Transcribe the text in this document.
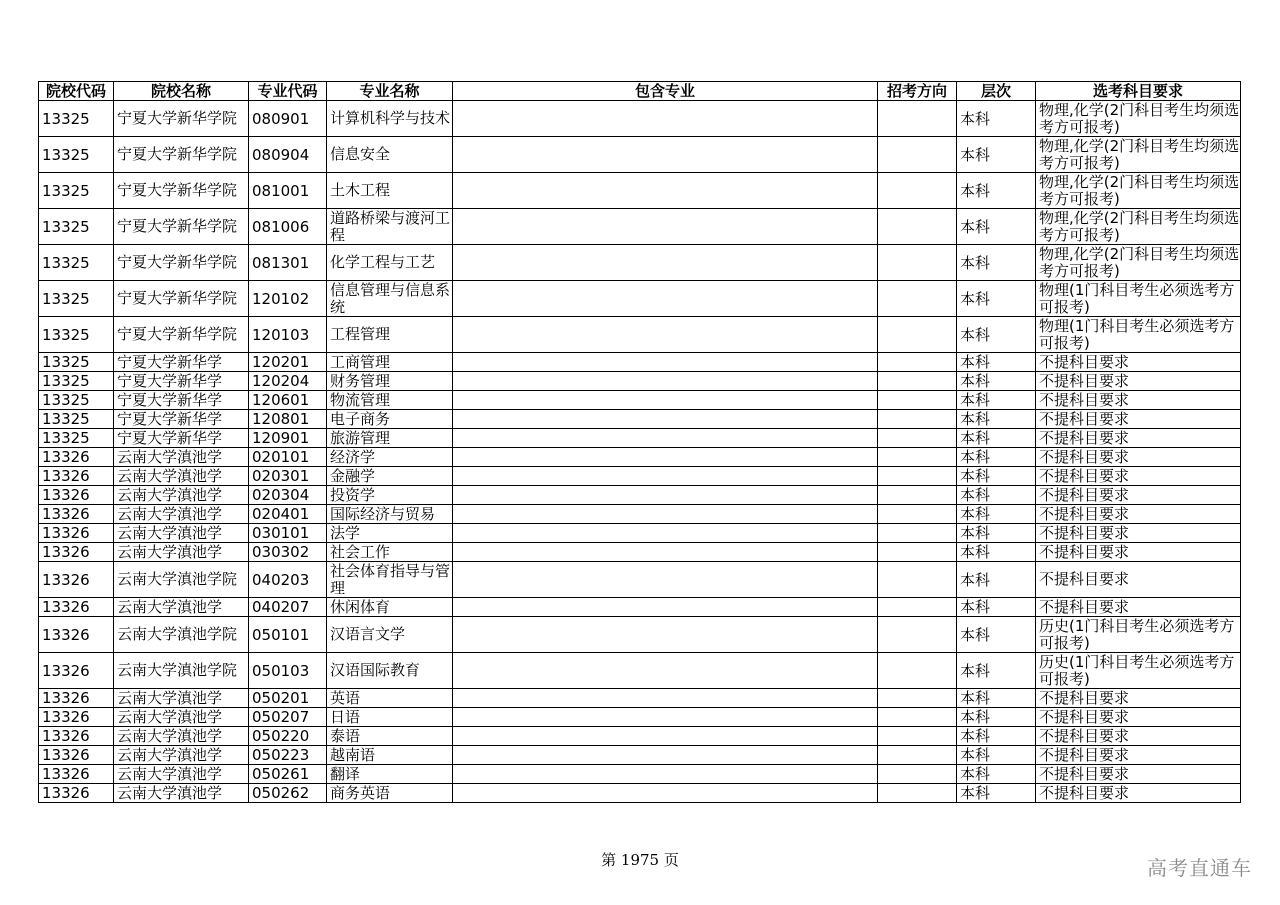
院校代码	院校名称	专业代码	专业名称	包含专业	招考方向	层次	选考科目要求
13325	宁夏大学新华学院	080901	计算机科学与技术			本科	物理,化学(2门科目考生均须选考方可报考)
13325	宁夏大学新华学院	080904	信息安全			本科	物理,化学(2门科目考生均须选考方可报考)
13325	宁夏大学新华学院	081001	土木工程			本科	物理,化学(2门科目考生均须选考方可报考)
13325	宁夏大学新华学院	081006	道路桥梁与渡河工程			本科	物理,化学(2门科目考生均须选考方可报考)
13325	宁夏大学新华学院	081301	化学工程与工艺			本科	物理,化学(2门科目考生均须选考方可报考)
13325	宁夏大学新华学院	120102	信息管理与信息系统			本科	物理(1门科目考生必须选考方可报考)
13325	宁夏大学新华学院	120103	工程管理			本科	物理(1门科目考生必须选考方可报考)
13325	宁夏大学新华学	120201	工商管理			本科	不提科目要求
13325	宁夏大学新华学	120204	财务管理			本科	不提科目要求
13325	宁夏大学新华学	120601	物流管理			本科	不提科目要求
13325	宁夏大学新华学	120801	电子商务			本科	不提科目要求
13325	宁夏大学新华学	120901	旅游管理			本科	不提科目要求
13326	云南大学滇池学	020101	经济学			本科	不提科目要求
13326	云南大学滇池学	020301	金融学			本科	不提科目要求
13326	云南大学滇池学	020304	投资学			本科	不提科目要求
13326	云南大学滇池学	020401	国际经济与贸易			本科	不提科目要求
13326	云南大学滇池学	030101	法学			本科	不提科目要求
13326	云南大学滇池学	030302	社会工作			本科	不提科目要求
13326	云南大学滇池学院	040203	社会体育指导与管理			本科	不提科目要求
13326	云南大学滇池学	040207	休闲体育			本科	不提科目要求
13326	云南大学滇池学院	050101	汉语言文学			本科	历史(1门科目考生必须选考方可报考)
13326	云南大学滇池学院	050103	汉语国际教育			本科	历史(1门科目考生必须选考方可报考)
13326	云南大学滇池学	050201	英语			本科	不提科目要求
13326	云南大学滇池学	050207	日语			本科	不提科目要求
13326	云南大学滇池学	050220	泰语			本科	不提科目要求
13326	云南大学滇池学	050223	越南语			本科	不提科目要求
13326	云南大学滇池学	050261	翻译			本科	不提科目要求
13326	云南大学滇池学	050262	商务英语			本科	不提科目要求
第 1975 页	高考直通车
